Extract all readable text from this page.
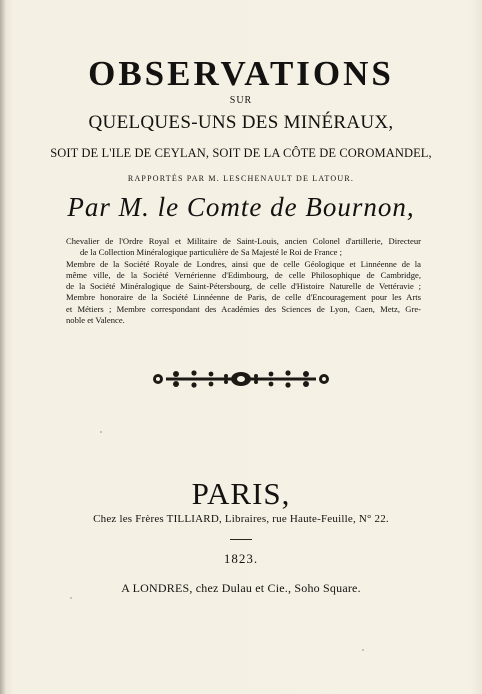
OBSERVATIONS
SUR
QUELQUES-UNS DES MINÉRAUX,
SOIT DE L'ILE DE CEYLAN, SOIT DE LA CÔTE DE COROMANDEL,
RAPPORTÉS PAR M. LESCHENAULT DE LATOUR.
Par M. le Comte de Bournon,
Chevalier de l'Ordre Royal et Militaire de Saint-Louis, ancien Colonel d'artillerie, Directeur
de la Collection Minéralogique particulière de Sa Majesté le Roi de France ;
Membre de la Société Royale de Londres, ainsi que de celle Géologique et Linnéenne de la
même ville, de la Société Vernérienne d'Edimbourg, de celle Philosophique de Cambridge,
de la Société Minéralogique de Saint-Pétersbourg, de celle d'Histoire Naturelle de Vettéravie ;
Membre honoraire de la Société Linnéenne de Paris, de celle d'Encouragement pour les Arts
et Métiers ; Membre correspondant des Académies des Sciences de Lyon, Caen, Metz, Gre-
noble et Valence.
PARIS,
Chez les Frères TILLIARD, Libraires, rue Haute-Feuille, N° 22.
1823.
A LONDRES, chez Dulau et Cie., Soho Square.
